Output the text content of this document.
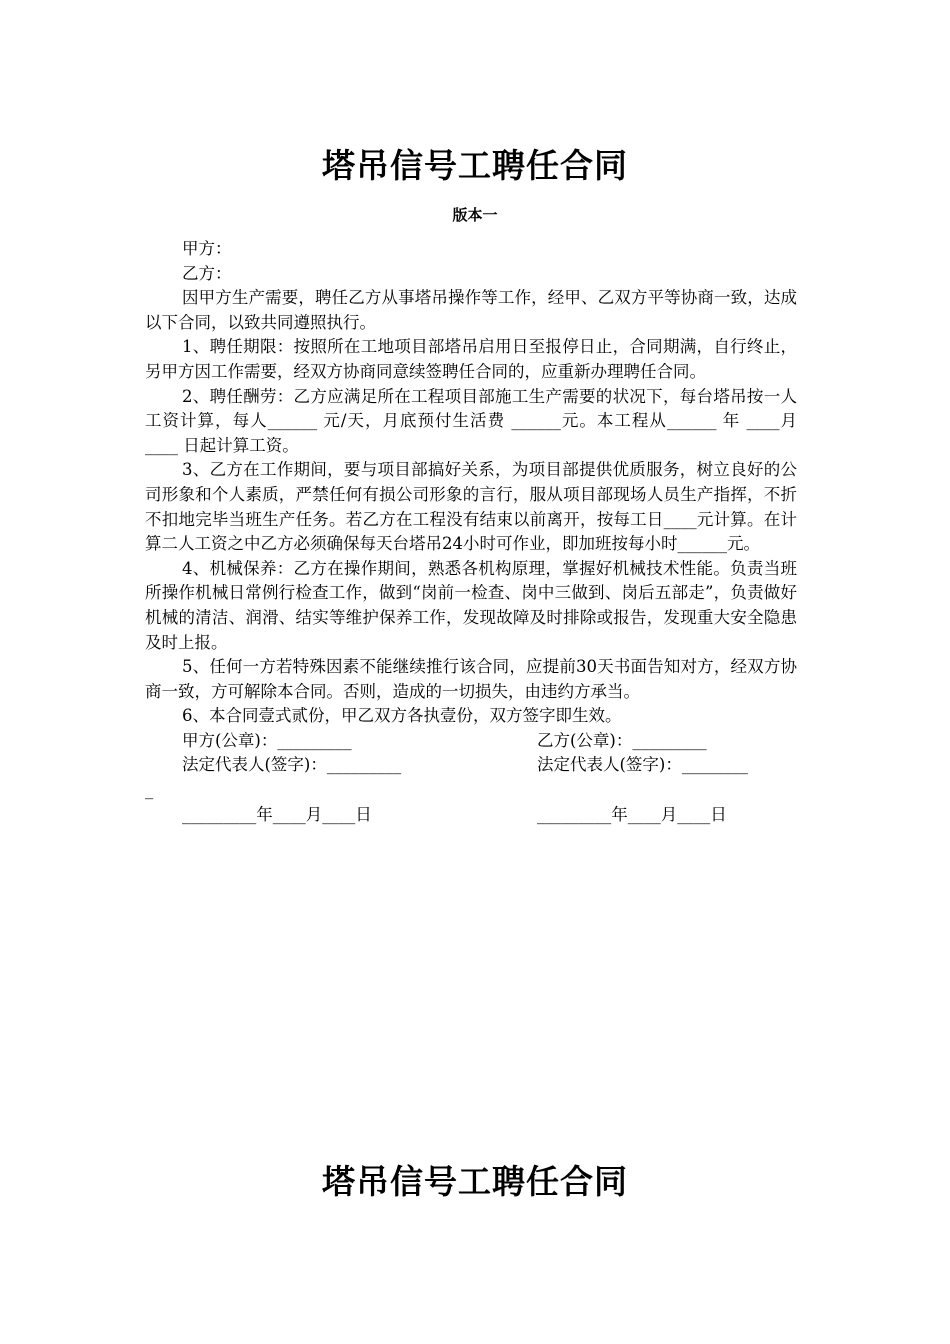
塔吊信号工聘任合同
版本一

甲方：

乙方：

因甲方生产需要，聘任乙方从事塔吊操作等工作，经甲、乙双方平等协商一致，达成以下合同，以致共同遵照执行。

1、聘任期限：按照所在工地项目部塔吊启用日至报停日止，合同期满，自行终止，另甲方因工作需要，经双方协商同意续签聘任合同的，应重新办理聘任合同。

2、聘任酬劳：乙方应满足所在工程项目部施工生产需要的状况下，每台塔吊按一人工资计算，每人______ 元/天，月底预付生活费 ______元。本工程从______ 年 ____月____ 日起计算工资。

3、乙方在工作期间，要与项目部搞好关系，为项目部提供优质服务，树立良好的公司形象和个人素质，严禁任何有损公司形象的言行，服从项目部现场人员生产指挥，不折不扣地完毕当班生产任务。若乙方在工程没有结束以前离开，按每工日____元计算。在计算二人工资之中乙方必须确保每天台塔吊24小时可作业，即加班按每小时______元。

4、机械保养：乙方在操作期间，熟悉各机构原理，掌握好机械技术性能。负责当班所操作机械日常例行检查工作，做到“岗前一检查、岗中三做到、岗后五部走”，负责做好机械的清洁、润滑、结实等维护保养工作，发现故障及时排除或报告，发现重大安全隐患及时上报。

5、任何一方若特殊因素不能继续推行该合同，应提前30天书面告知对方，经双方协商一致，方可解除本合同。否则，造成的一切损失，由违约方承当。

6、本合同壹式贰份，甲乙双方各执壹份，双方签字即生效。

甲方(公章)：_________	乙方(公章)：_________
法定代表人(签字)：_________	法定代表人(签字)：________
_
_________年____月____日	_________年____月____日
塔吊信号工聘任合同
